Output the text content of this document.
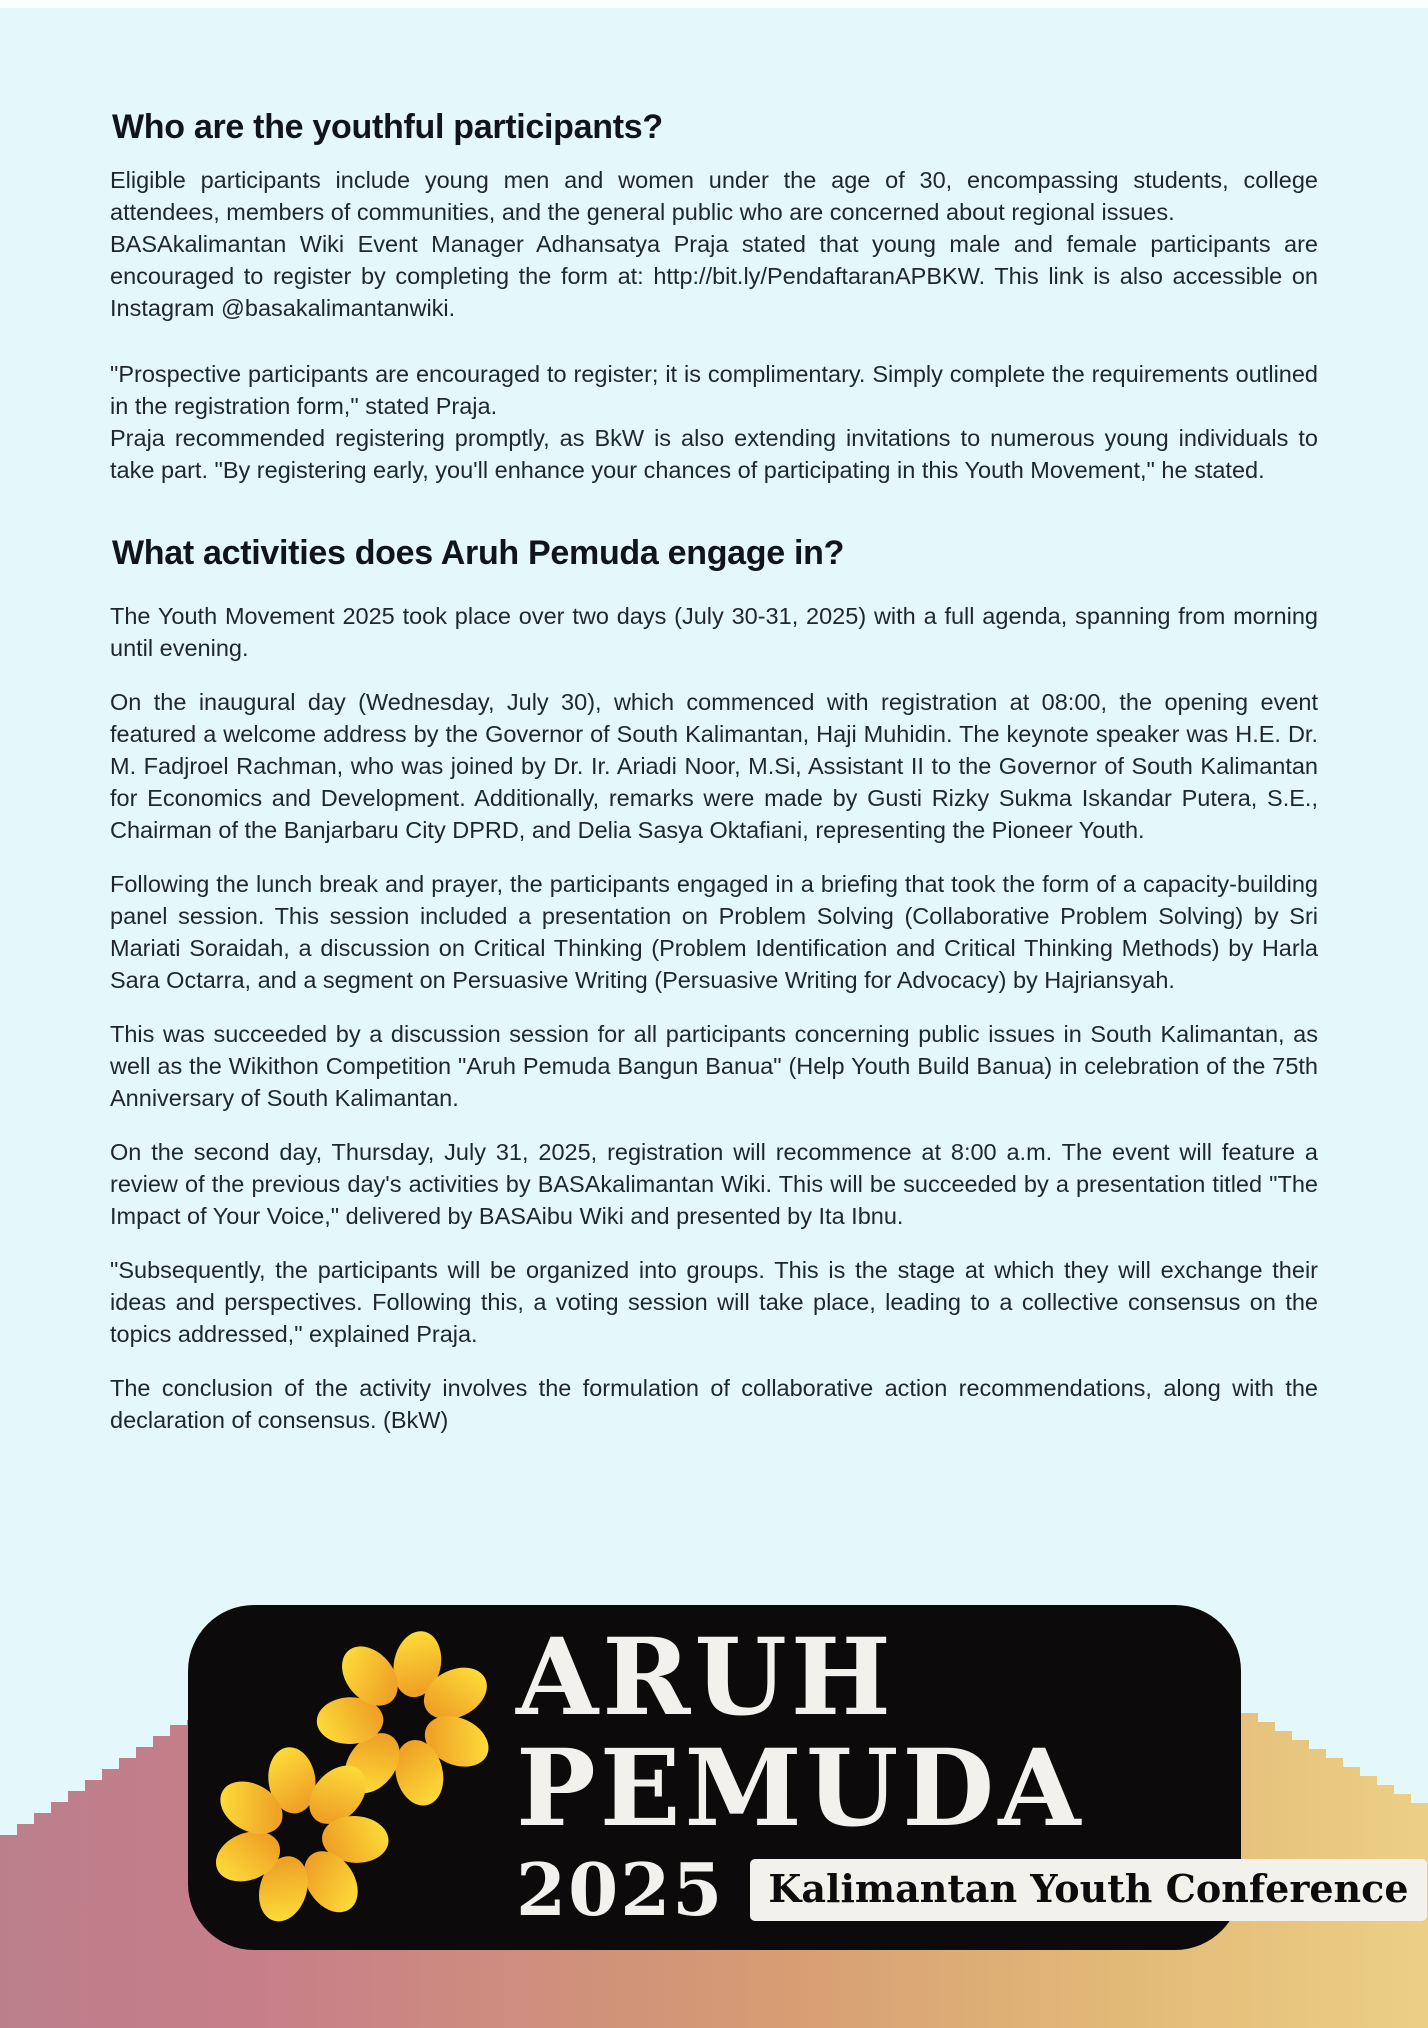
Who are the youthful participants?

Eligible participants include young men and women under the age of 30, encompassing students, college attendees, members of communities, and the general public who are concerned about regional issues.

BASAkalimantan Wiki Event Manager Adhansatya Praja stated that young male and female participants are encouraged to register by completing the form at: http://bit.ly/PendaftaranAPBKW. This link is also accessible on Instagram @basakalimantanwiki.

"Prospective participants are encouraged to register; it is complimentary. Simply complete the requirements outlined in the registration form," stated Praja.

Praja recommended registering promptly, as BkW is also extending invitations to numerous young individuals to take part. "By registering early, you'll enhance your chances of participating in this Youth Movement," he stated.

What activities does Aruh Pemuda engage in?

The Youth Movement 2025 took place over two days (July 30-31, 2025) with a full agenda, spanning from morning until evening.

On the inaugural day (Wednesday, July 30), which commenced with registration at 08:00, the opening event featured a welcome address by the Governor of South Kalimantan, Haji Muhidin. The keynote speaker was H.E. Dr. M. Fadjroel Rachman, who was joined by Dr. Ir. Ariadi Noor, M.Si, Assistant II to the Governor of South Kalimantan for Economics and Development. Additionally, remarks were made by Gusti Rizky Sukma Iskandar Putera, S.E., Chairman of the Banjarbaru City DPRD, and Delia Sasya Oktafiani, representing the Pioneer Youth.

Following the lunch break and prayer, the participants engaged in a briefing that took the form of a capacity-building panel session. This session included a presentation on Problem Solving (Collaborative Problem Solving) by Sri Mariati Soraidah, a discussion on Critical Thinking (Problem Identification and Critical Thinking Methods) by Harla Sara Octarra, and a segment on Persuasive Writing (Persuasive Writing for Advocacy) by Hajriansyah.

This was succeeded by a discussion session for all participants concerning public issues in South Kalimantan, as well as the Wikithon Competition "Aruh Pemuda Bangun Banua" (Help Youth Build Banua) in celebration of the 75th Anniversary of South Kalimantan.

On the second day, Thursday, July 31, 2025, registration will recommence at 8:00 a.m. The event will feature a review of the previous day's activities by BASAkalimantan Wiki. This will be succeeded by a presentation titled "The Impact of Your Voice," delivered by BASAibu Wiki and presented by Ita Ibnu.

"Subsequently, the participants will be organized into groups. This is the stage at which they will exchange their ideas and perspectives. Following this, a voting session will take place, leading to a collective consensus on the topics addressed," explained Praja.

The conclusion of the activity involves the formulation of collaborative action recommendations, along with the declaration of consensus. (BkW)

ARUH
PEMUDA
2025	Kalimantan Youth Conference
